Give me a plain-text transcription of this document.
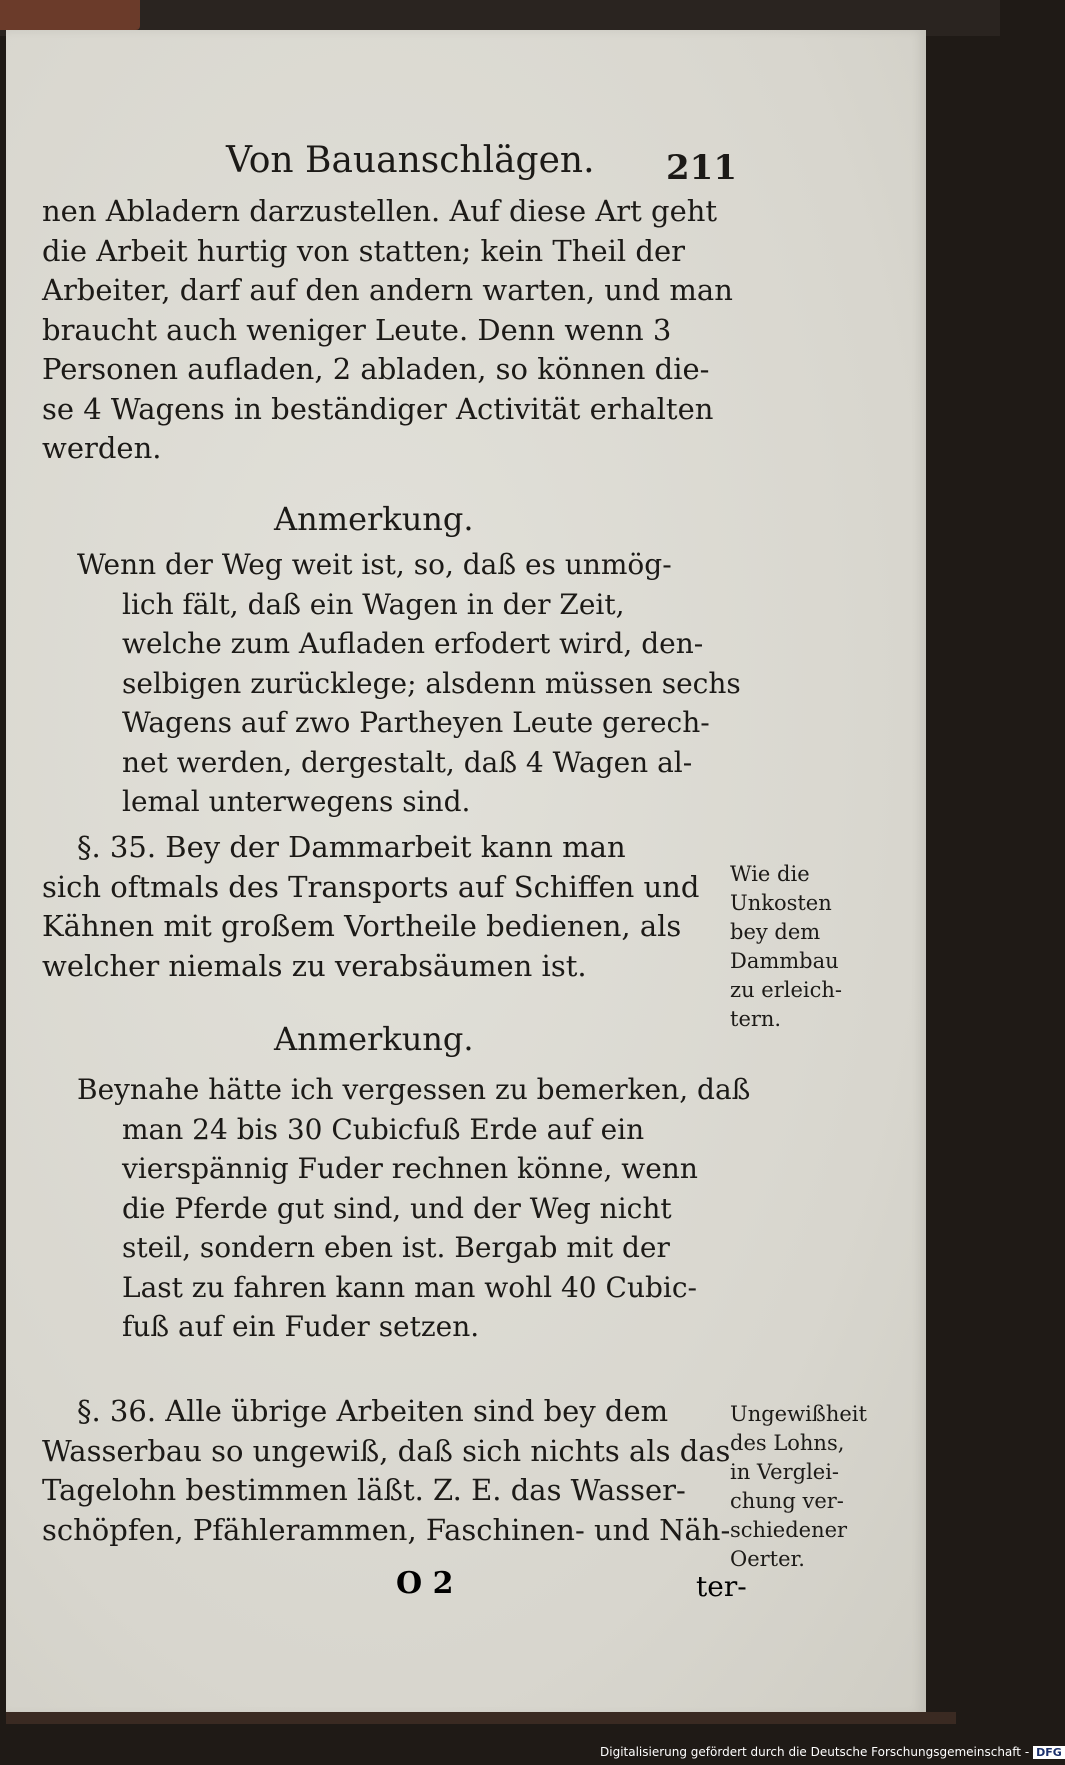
Von Bauanschlägen. 211
nen Abladern darzustellen. Auf diese Art geht
die Arbeit hurtig von statten; kein Theil der
Arbeiter, darf auf den andern warten, und man
braucht auch weniger Leute. Denn wenn 3
Personen aufladen, 2 abladen, so können die-
se 4 Wagens in beständiger Activität erhalten
werden.
Anmerkung.
Wenn der Weg weit ist, so, daß es unmög-
lich fält, daß ein Wagen in der Zeit,
welche zum Aufladen erfodert wird, den-
selbigen zurücklege; alsdenn müssen sechs
Wagens auf zwo Partheyen Leute gerech-
net werden, dergestalt, daß 4 Wagen al-
lemal unterwegens sind.
§. 35. Bey der Dammarbeit kann man
sich oftmals des Transports auf Schiffen und
Kähnen mit großem Vortheile bedienen, als
welcher niemals zu verabsäumen ist.
Wie die
Unkosten
bey dem
Dammbau
zu erleich-
tern.
Anmerkung.
Beynahe hätte ich vergessen zu bemerken, daß
man 24 bis 30 Cubicfuß Erde auf ein
vierspännig Fuder rechnen könne, wenn
die Pferde gut sind, und der Weg nicht
steil, sondern eben ist. Bergab mit der
Last zu fahren kann man wohl 40 Cubic-
fuß auf ein Fuder setzen.
§. 36. Alle übrige Arbeiten sind bey dem
Wasserbau so ungewiß, daß sich nichts als das
Tagelohn bestimmen läßt. Z. E. das Wasser-
schöpfen, Pfählerammen, Faschinen- und Näh-
Ungewißheit
des Lohns,
in Verglei-
chung ver-
schiedener
Oerter.
O 2	ter-
Digitalisierung gefördert durch die Deutsche Forschungsgemeinschaft - DFG
